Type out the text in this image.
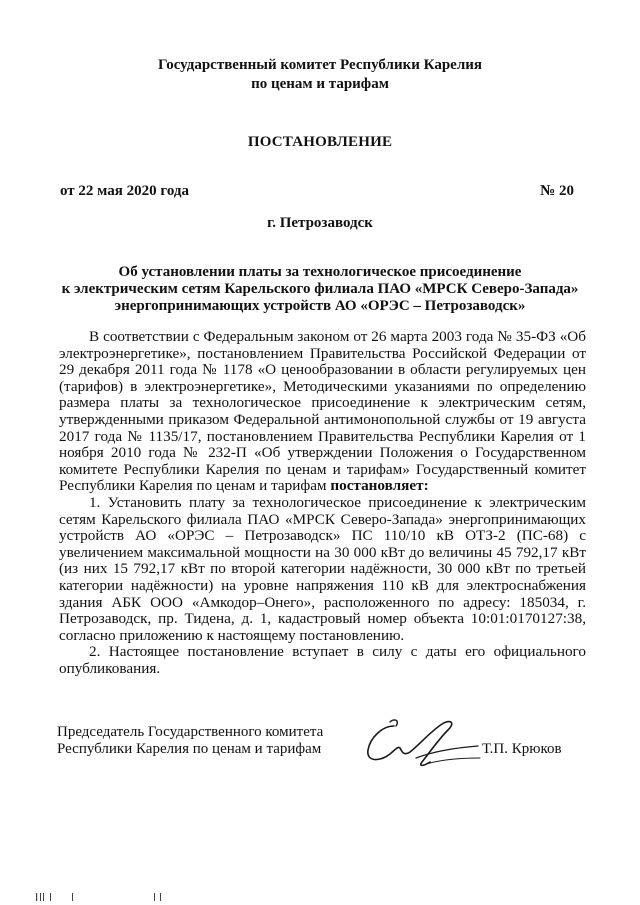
Государственный комитет Республики Карелия
по ценам и тарифам
ПОСТАНОВЛЕНИЕ
от 22 мая 2020 года	№ 20
г. Петрозаводск
Об установлении платы за технологическое присоединение
к электрическим сетям Карельского филиала ПАО «МРСК Северо-Запада»
энергопринимающих устройств АО «ОРЭС – Петрозаводск»

В соответствии с Федеральным законом от 26 марта 2003 года № 35-ФЗ «Об электроэнергетике», постановлением Правительства Российской Федерации от 29 декабря 2011 года № 1178 «О ценообразовании в области регулируемых цен (тарифов) в электроэнергетике», Методическими указаниями по определению размера платы за технологическое присоединение к электрическим сетям, утвержденными приказом Федеральной антимонопольной службы от 19 августа 2017 года № 1135/17, постановлением Правительства Республики Карелия от 1 ноября 2010 года № 232-П «Об утверждении Положения о Государственном комитете Республики Карелия по ценам и тарифам» Государственный комитет Республики Карелия по ценам и тарифам постановляет:

1. Установить плату за технологическое присоединение к электрическим сетям Карельского филиала ПАО «МРСК Северо-Запада» энергопринимающих устройств АО «ОРЭС – Петрозаводск» ПС 110/10 кВ ОТЗ-2 (ПС-68) с увеличением максимальной мощности на 30 000 кВт до величины 45 792,17 кВт (из них 15 792,17 кВт по второй категории надёжности, 30 000 кВт по третьей категории надёжности) на уровне напряжения 110 кВ для электроснабжения здания АБК ООО «Амкодор–Онего», расположенного по адресу: 185034, г. Петрозаводск, пр. Тидена, д. 1, кадастровый номер объекта 10:01:0170127:38, согласно приложению к настоящему постановлению.

2. Настоящее постановление вступает в силу с даты его официального опубликования.

Председатель Государственного комитета
Республики Карелия по ценам и тарифам	Т.П. Крюков
